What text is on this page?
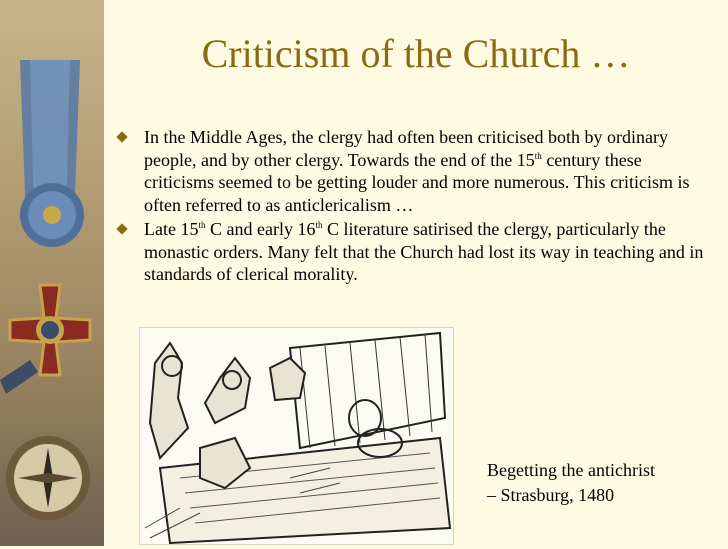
Criticism of the Church …
In the Middle Ages, the clergy had often been criticised both by ordinary people, and by other clergy. Towards the end of the 15th century these criticisms seemed to be getting louder and more numerous. This criticism is often referred to as anticlericalism …
Late 15th C and early 16th C literature satirised the clergy, particularly the monastic orders. Many felt that the Church had lost its way in teaching and in standards of clerical morality.
Begetting the antichrist
– Strasburg, 1480
